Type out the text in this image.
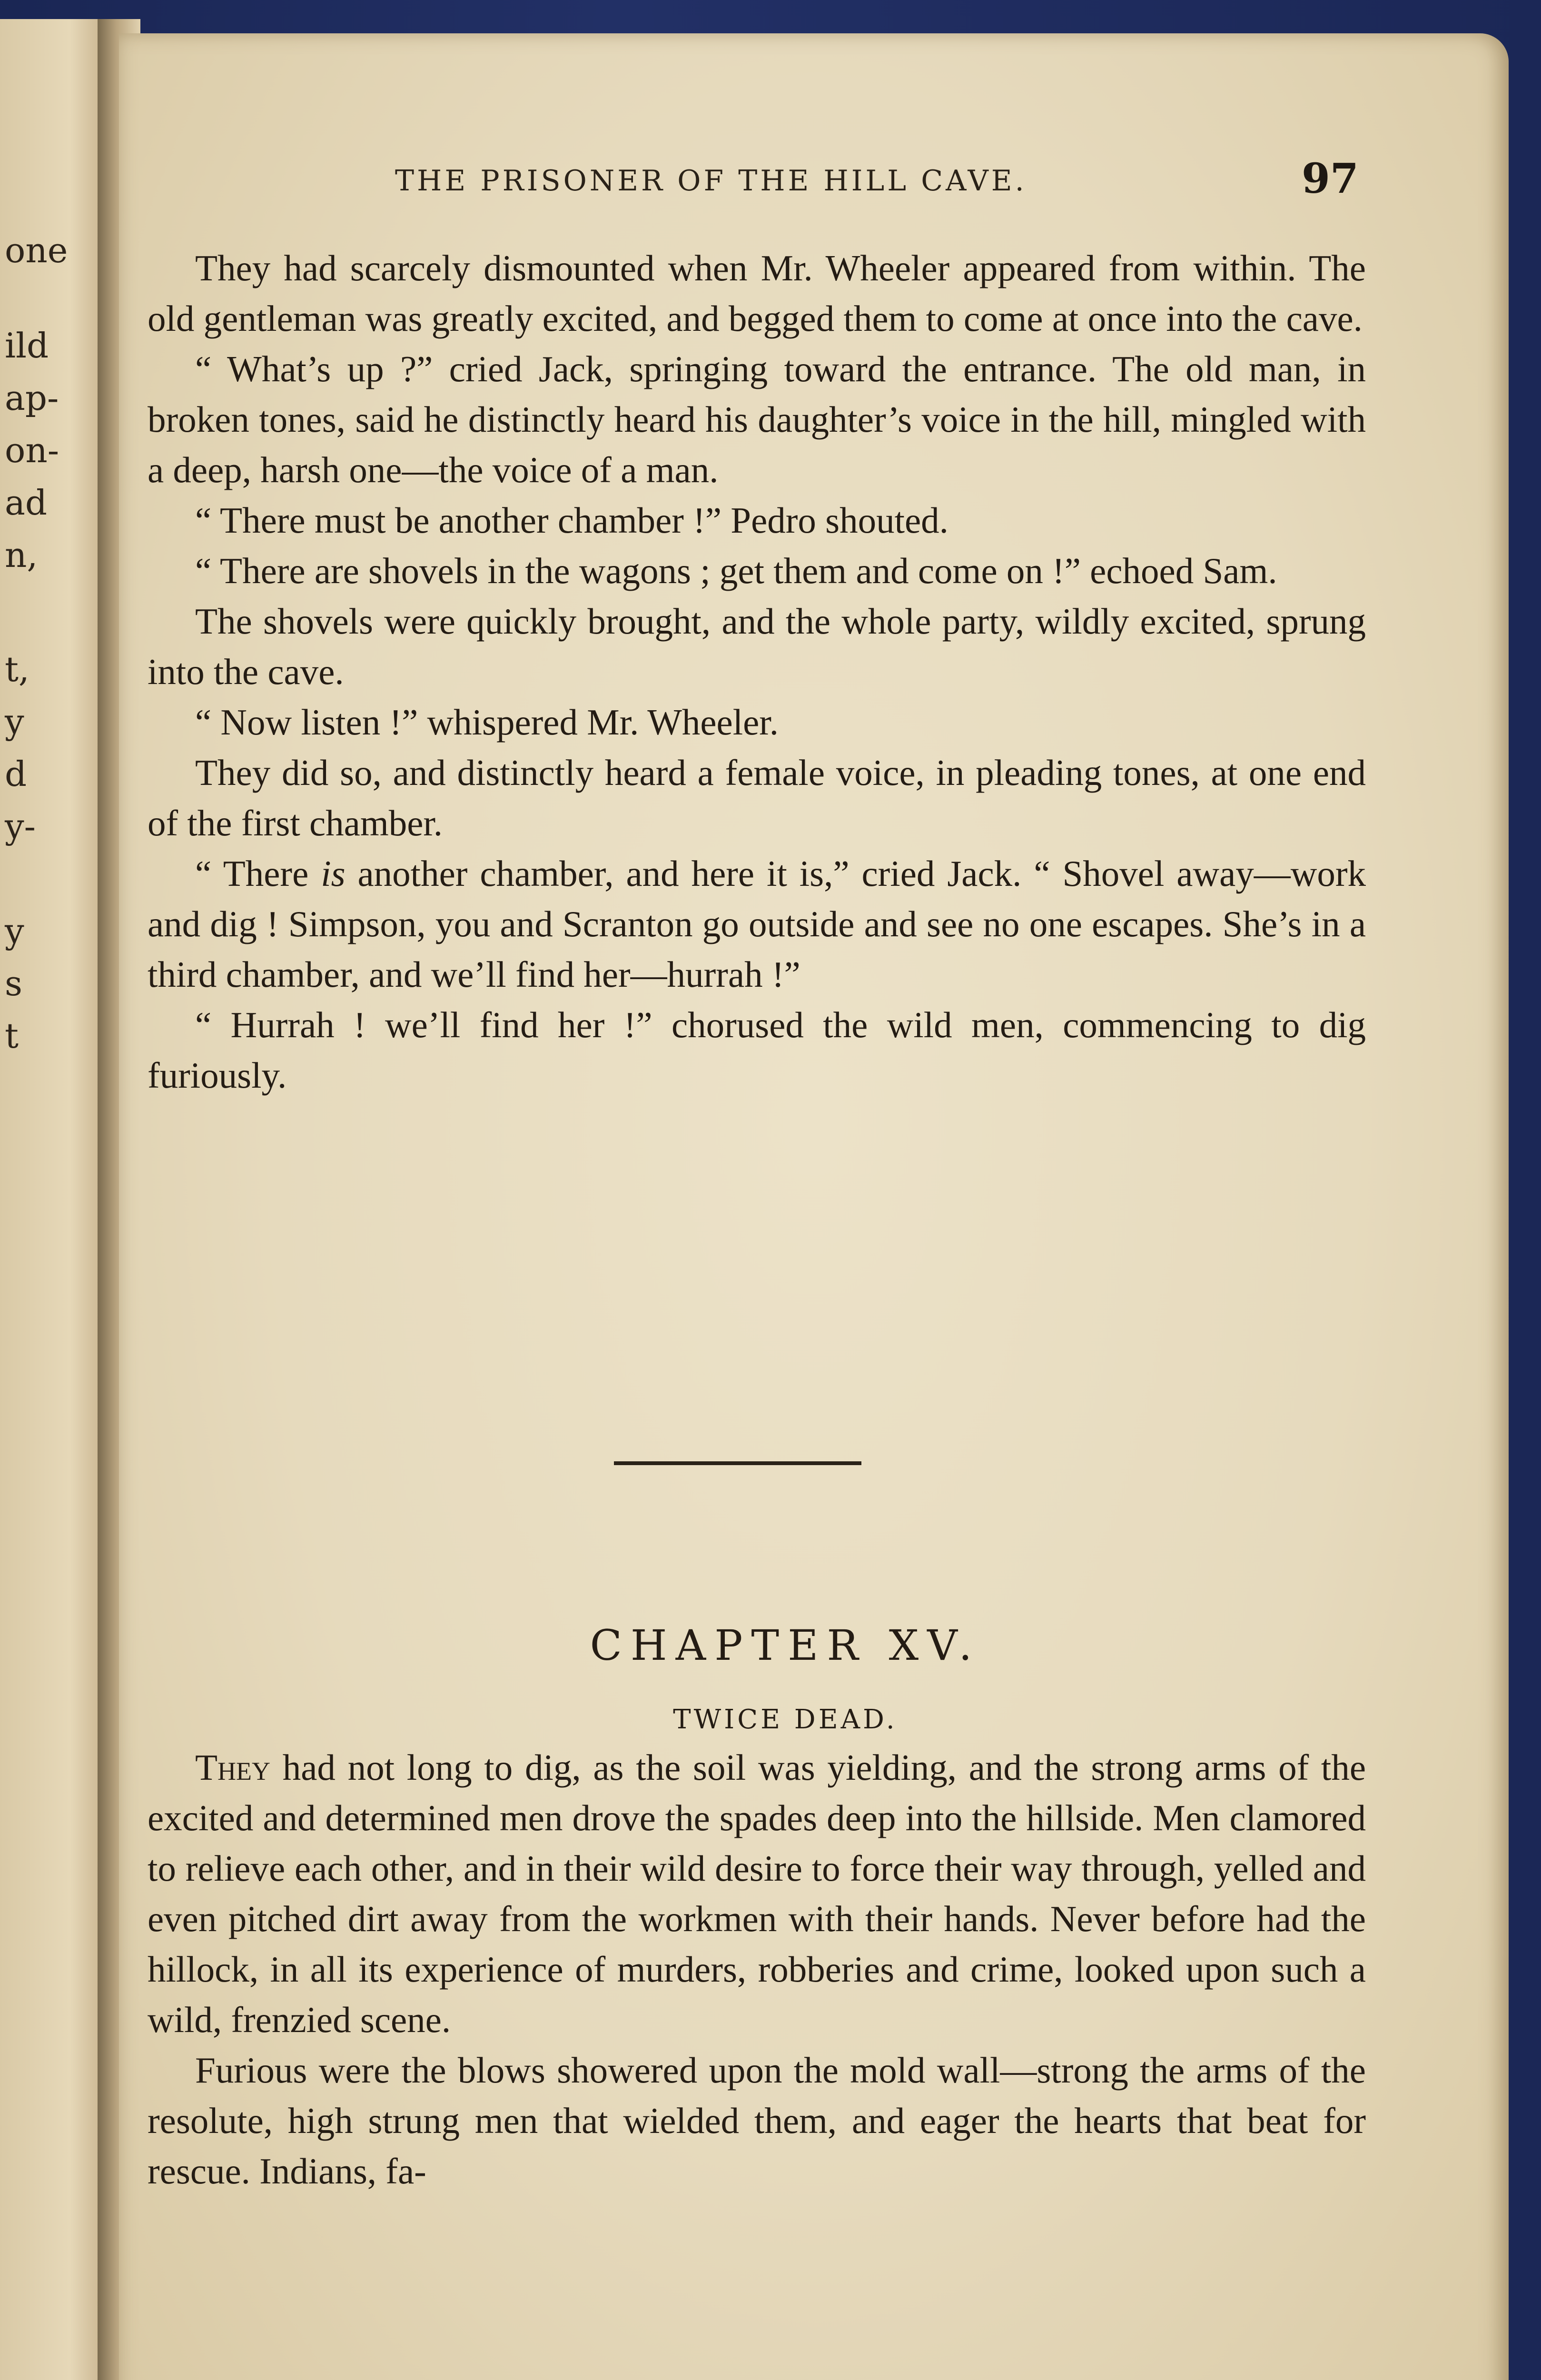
one
ild
ap-
on-
ad
n,
t,
y
d
y-
y
s
t
THE PRISONER OF THE HILL CAVE.	97

They had scarcely dismounted when Mr. Wheeler appeared from within. The old gentleman was greatly excited, and begged them to come at once into the cave.

“ What’s up ?” cried Jack, springing toward the entrance. The old man, in broken tones, said he distinctly heard his daughter’s voice in the hill, mingled with a deep, harsh one—the voice of a man.

“ There must be another chamber !” Pedro shouted.

“ There are shovels in the wagons ; get them and come on !” echoed Sam.

The shovels were quickly brought, and the whole party, wildly excited, sprung into the cave.

“ Now listen !” whispered Mr. Wheeler.

They did so, and distinctly heard a female voice, in pleading tones, at one end of the first chamber.

“ There is another chamber, and here it is,” cried Jack. “ Shovel away—work and dig ! Simpson, you and Scranton go outside and see no one escapes. She’s in a third chamber, and we’ll find her—hurrah !”

“ Hurrah ! we’ll find her !” chorused the wild men, commencing to dig furiously.

CHAPTER XV.
TWICE DEAD.

They had not long to dig, as the soil was yielding, and the strong arms of the excited and determined men drove the spades deep into the hillside. Men clamored to relieve each other, and in their wild desire to force their way through, yelled and even pitched dirt away from the workmen with their hands. Never before had the hillock, in all its experience of murders, robberies and crime, looked upon such a wild, frenzied scene.

Furious were the blows showered upon the mold wall—strong the arms of the resolute, high strung men that wielded them, and eager the hearts that beat for rescue. Indians, fa-
